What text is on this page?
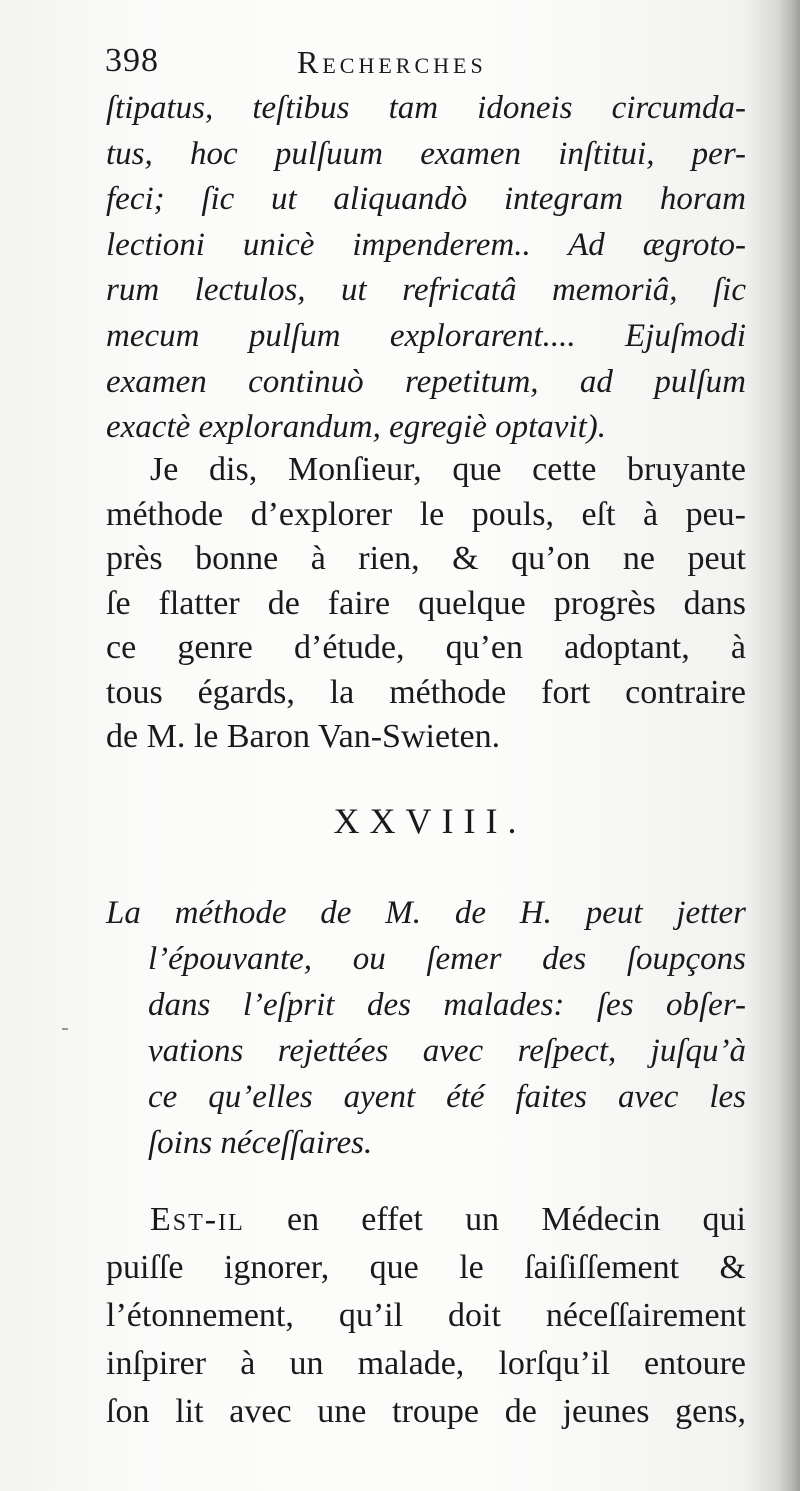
398	Recherches
ſtipatus, teſtibus tam idoneis circumda-
tus, hoc pulſuum examen inſtitui, per-
feci; ſic ut aliquandò integram horam
lectioni unicè impenderem.. Ad ægroto-
rum lectulos, ut refricatâ memoriâ, ſic
mecum pulſum explorarent.... Ejuſmodi
examen continuò repetitum, ad pulſum
exactè explorandum, egregiè optavit).
Je dis, Monſieur, que cette bruyante
méthode d’explorer le pouls, eſt à peu-
près bonne à rien, & qu’on ne peut
ſe flatter de faire quelque progrès dans
ce genre d’étude, qu’en adoptant, à
tous égards, la méthode fort contraire
de M. le Baron Van-Swieten.
XXVIII.
La méthode de M. de H. peut jetter
l’épouvante, ou ſemer des ſoupçons
dans l’eſprit des malades: ſes obſer-
vations rejettées avec reſpect, juſqu’à
ce qu’elles ayent été faites avec les
ſoins néceſſaires.
Est-il en effet un Médecin qui
puiſſe ignorer, que le ſaiſiſſement &
l’étonnement, qu’il doit néceſſairement
inſpirer à un malade, lorſqu’il entoure
ſon lit avec une troupe de jeunes gens,
